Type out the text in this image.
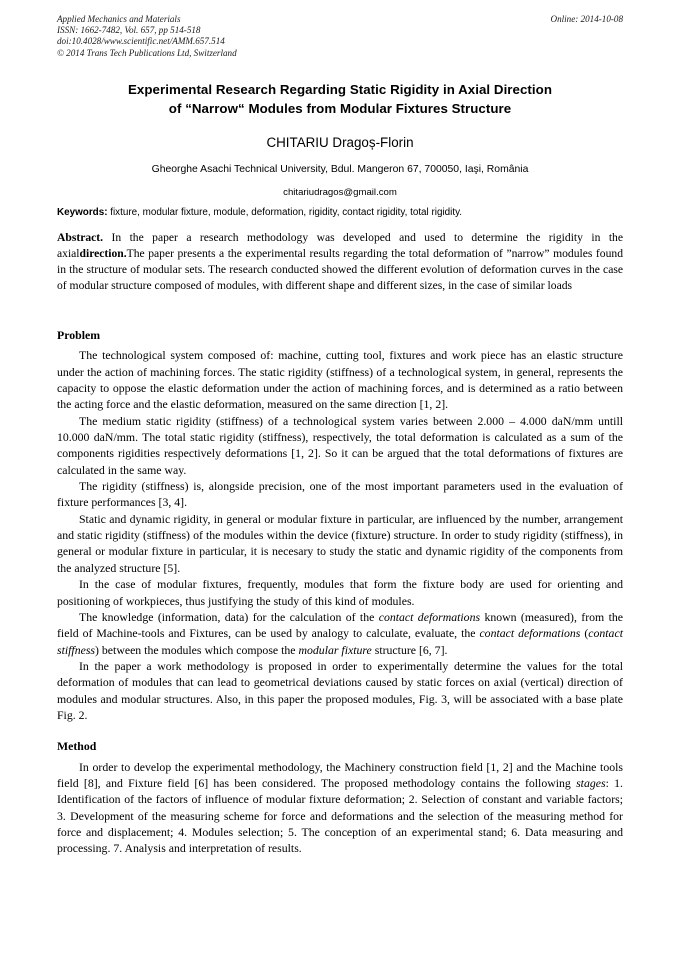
Applied Mechanics and Materials	Online: 2014-10-08
ISSN: 1662-7482, Vol. 657, pp 514-518
doi:10.4028/www.scientific.net/AMM.657.514
© 2014 Trans Tech Publications Ltd, Switzerland
Experimental Research Regarding Static Rigidity in Axial Direction
of “Narrow“ Modules from Modular Fixtures Structure

CHITARIU Dragoș-Florin

Gheorghe Asachi Technical University, Bdul. Mangeron 67, 700050, Iaşi, România

chitariudragos@gmail.com

Keywords: fixture, modular fixture, module, deformation, rigidity, contact rigidity, total rigidity.
Abstract. In the paper a research methodology was developed and used to determine the rigidity in the axialdirection.The paper presents a the experimental results regarding the total deformation of ”narrow” modules found in the structure of modular sets. The research conducted showed the different evolution of deformation curves in the case of modular structure composed of modules, with different shape and different sizes, in the case of similar loads
Problem

The technological system composed of: machine, cutting tool, fixtures and work piece has an elastic structure under the action of machining forces. The static rigidity (stiffness) of a technological system, in general, represents the capacity to oppose the elastic deformation under the action of machining forces, and is determined as a ratio between the acting force and the elastic deformation, measured on the same direction [1, 2].

The medium static rigidity (stiffness) of a technological system varies between 2.000 – 4.000 daN/mm untill 10.000 daN/mm. The total static rigidity (stiffness), respectively, the total deformation is calculated as a sum of the components rigidities respectively deformations [1, 2]. So it can be argued that the total deformations of fixtures are calculated in the same way.

The rigidity (stiffness) is, alongside precision, one of the most important parameters used in the evaluation of fixture performances [3, 4].

Static and dynamic rigidity, in general or modular fixture in particular, are influenced by the number, arrangement and static rigidity (stiffness) of the modules within the device (fixture) structure. In order to study rigidity (stiffness), in general or modular fixture in particular, it is necesary to study the static and dynamic rigidity of the components from the analyzed structure [5].

In the case of modular fixtures, frequently, modules that form the fixture body are used for orienting and positioning of workpieces, thus justifying the study of this kind of modules.

The knowledge (information, data) for the calculation of the contact deformations known (measured), from the field of Machine-tools and Fixtures, can be used by analogy to calculate, evaluate, the contact deformations (contact stiffness) between the modules which compose the modular fixture structure [6, 7].

In the paper a work methodology is proposed in order to experimentally determine the values for the total deformation of modules that can lead to geometrical deviations caused by static forces on axial (vertical) direction of modules and modular structures. Also, in this paper the proposed modules, Fig. 3, will be associated with a base plate Fig. 2.

Method

In order to develop the experimental methodology, the Machinery construction field [1, 2] and the Machine tools field [8], and Fixture field [6] has been considered. The proposed methodology contains the following stages: 1. Identification of the factors of influence of modular fixture deformation; 2. Selection of constant and variable factors; 3. Development of the measuring scheme for force and deformations and the selection of the measuring method for force and displacement; 4. Modules selection; 5. The conception of an experimental stand; 6. Data measuring and processing. 7. Analysis and interpretation of results.
